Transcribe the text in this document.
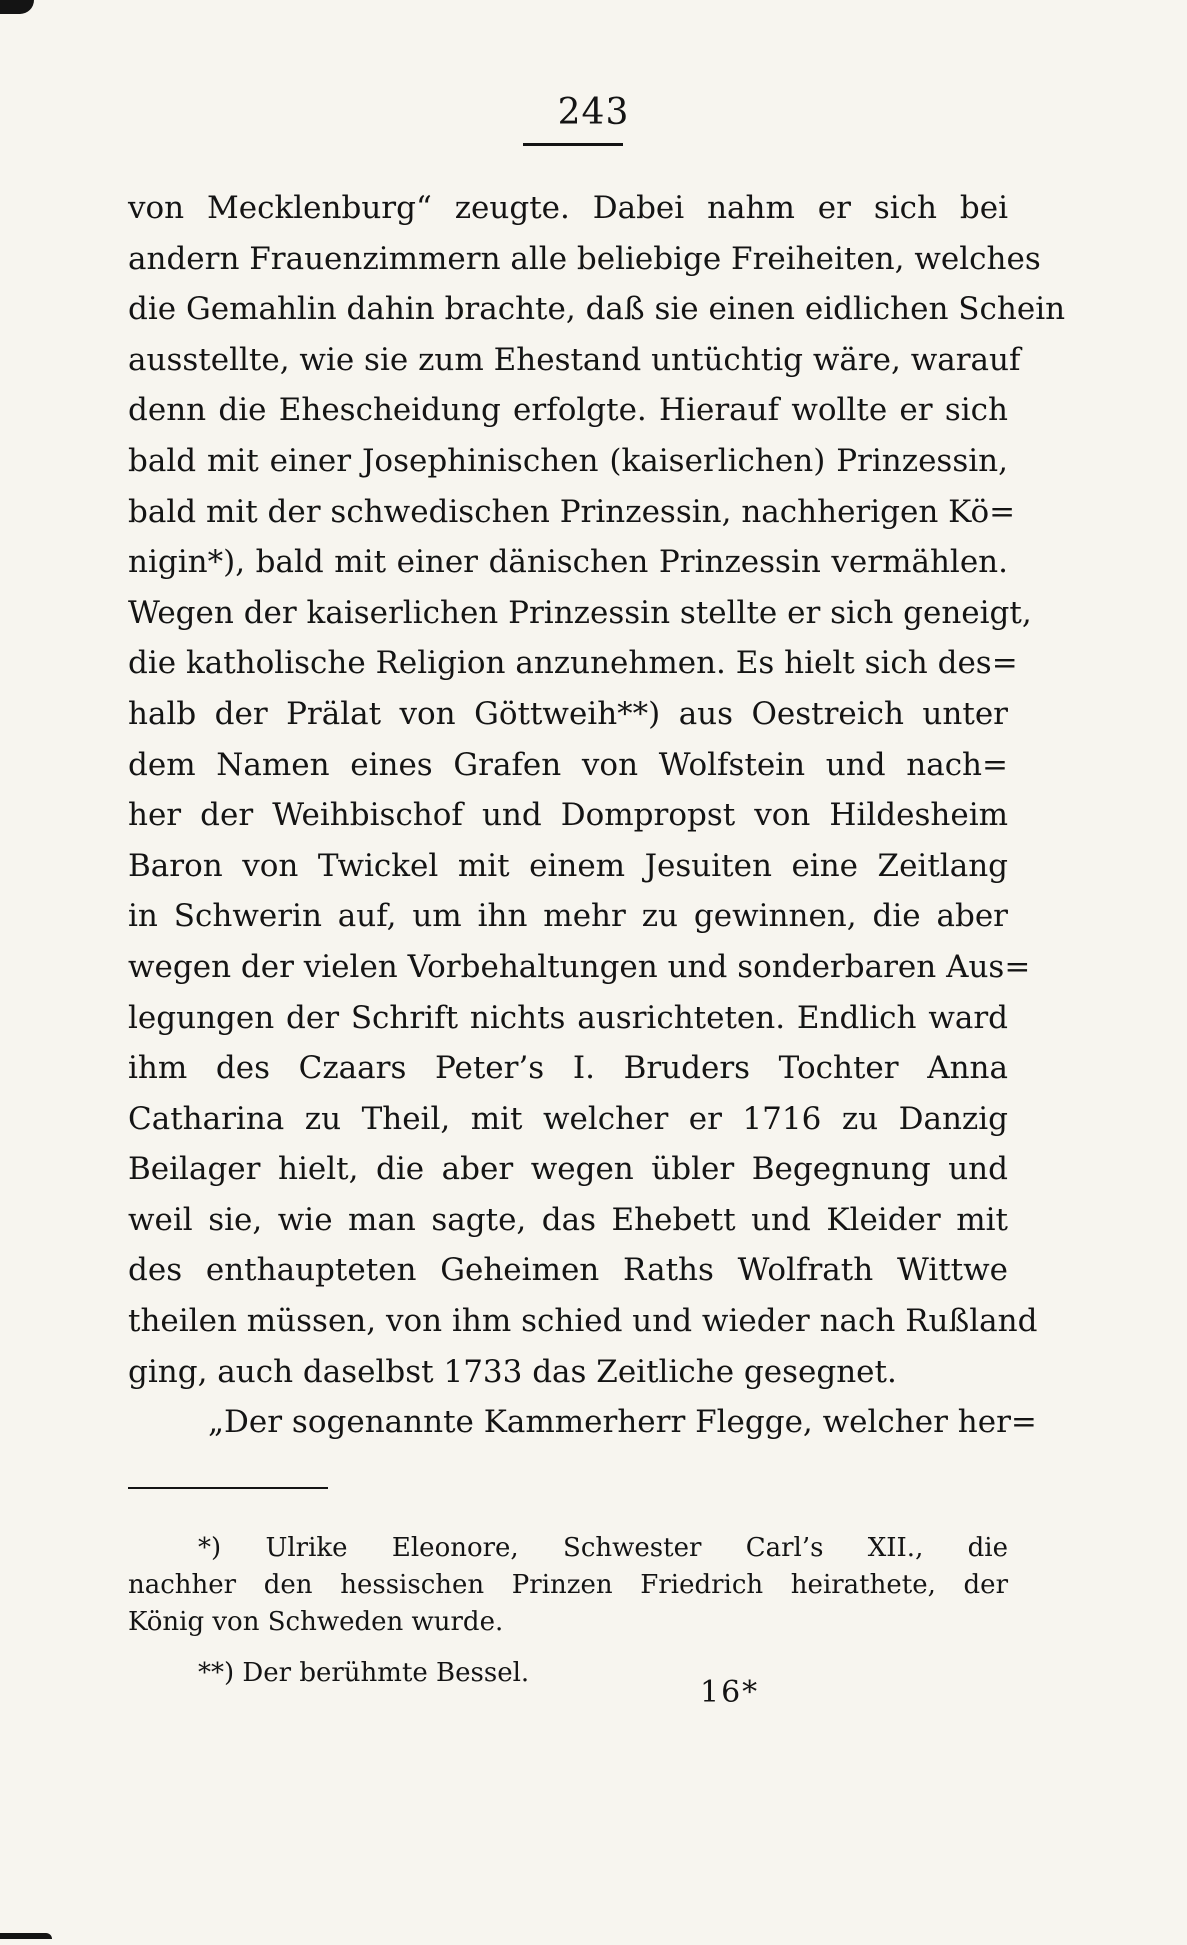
243
von Mecklenburg“ zeugte. Dabei nahm er sich bei
andern Frauenzimmern alle beliebige Freiheiten, welches
die Gemahlin dahin brachte, daß sie einen eidlichen Schein
ausstellte, wie sie zum Ehestand untüchtig wäre, warauf
denn die Ehescheidung erfolgte. Hierauf wollte er sich
bald mit einer Josephinischen (kaiserlichen) Prinzessin,
bald mit der schwedischen Prinzessin, nachherigen Kö=
nigin*), bald mit einer dänischen Prinzessin vermählen.
Wegen der kaiserlichen Prinzessin stellte er sich geneigt,
die katholische Religion anzunehmen. Es hielt sich des=
halb der Prälat von Göttweih**) aus Oestreich unter
dem Namen eines Grafen von Wolfstein und nach=
her der Weihbischof und Dompropst von Hildesheim
Baron von Twickel mit einem Jesuiten eine Zeitlang
in Schwerin auf, um ihn mehr zu gewinnen, die aber
wegen der vielen Vorbehaltungen und sonderbaren Aus=
legungen der Schrift nichts ausrichteten. Endlich ward
ihm des Czaars Peter’s I. Bruders Tochter Anna
Catharina zu Theil, mit welcher er 1716 zu Danzig
Beilager hielt, die aber wegen übler Begegnung und
weil sie, wie man sagte, das Ehebett und Kleider mit
des enthaupteten Geheimen Raths Wolfrath Wittwe
theilen müssen, von ihm schied und wieder nach Rußland
ging, auch daselbst 1733 das Zeitliche gesegnet.
„Der sogenannte Kammerherr Flegge, welcher her=
*) Ulrike Eleonore, Schwester Carl’s XII., die
nachher den hessischen Prinzen Friedrich heirathete, der
König von Schweden wurde.
**) Der berühmte Bessel.
16*
